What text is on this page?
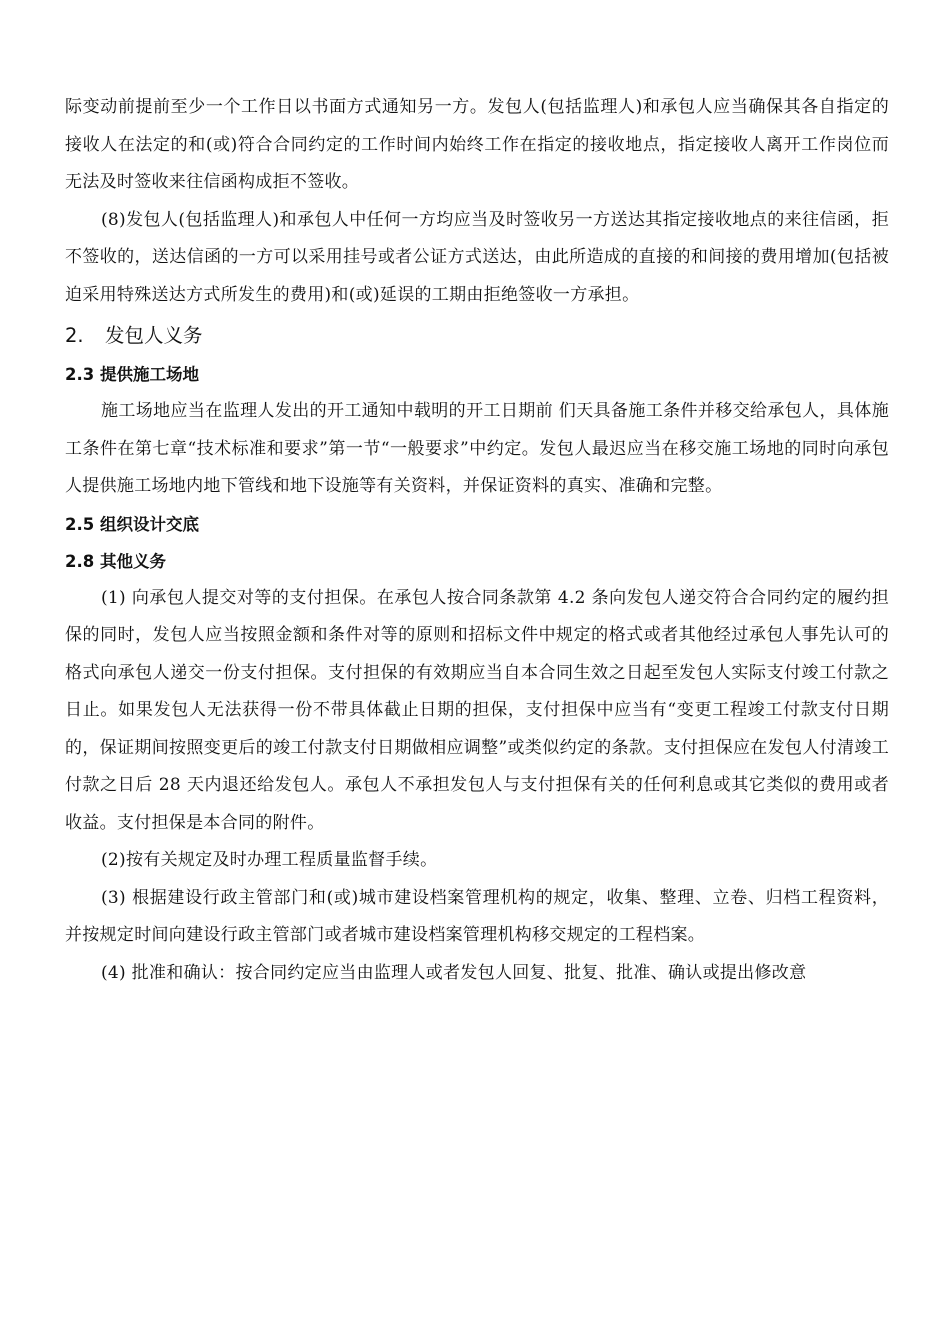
际变动前提前至少一个工作日以书面方式通知另一方。发包人(包括监理人)和承包人应当确保其各自指定的接收人在法定的和(或)符合合同约定的工作时间内始终工作在指定的接收地点，指定接收人离开工作岗位而无法及时签收来往信函构成拒不签收。

(8)发包人(包括监理人)和承包人中任何一方均应当及时签收另一方送达其指定接收地点的来往信函，拒不签收的，送达信函的一方可以采用挂号或者公证方式送达，由此所造成的直接的和间接的费用增加(包括被迫采用特殊送达方式所发生的费用)和(或)延误的工期由拒绝签收一方承担。

2. 发包人义务
2.3 提供施工场地

施工场地应当在监理人发出的开工通知中载明的开工日期前 们天具备施工条件并移交给承包人，具体施工条件在第七章“技术标准和要求”第一节“一般要求”中约定。发包人最迟应当在移交施工场地的同时向承包人提供施工场地内地下管线和地下设施等有关资料，并保证资料的真实、准确和完整。

2.5 组织设计交底
2.8 其他义务

(1) 向承包人提交对等的支付担保。在承包人按合同条款第 4.2 条向发包人递交符合合同约定的履约担保的同时，发包人应当按照金额和条件对等的原则和招标文件中规定的格式或者其他经过承包人事先认可的格式向承包人递交一份支付担保。支付担保的有效期应当自本合同生效之日起至发包人实际支付竣工付款之日止。如果发包人无法获得一份不带具体截止日期的担保，支付担保中应当有“变更工程竣工付款支付日期的，保证期间按照变更后的竣工付款支付日期做相应调整”或类似约定的条款。支付担保应在发包人付清竣工付款之日后 28 天内退还给发包人。承包人不承担发包人与支付担保有关的任何利息或其它类似的费用或者收益。支付担保是本合同的附件。

(2)按有关规定及时办理工程质量监督手续。

(3) 根据建设行政主管部门和(或)城市建设档案管理机构的规定，收集、整理、立卷、归档工程资料，并按规定时间向建设行政主管部门或者城市建设档案管理机构移交规定的工程档案。

(4) 批准和确认：按合同约定应当由监理人或者发包人回复、批复、批准、确认或提出修改意
